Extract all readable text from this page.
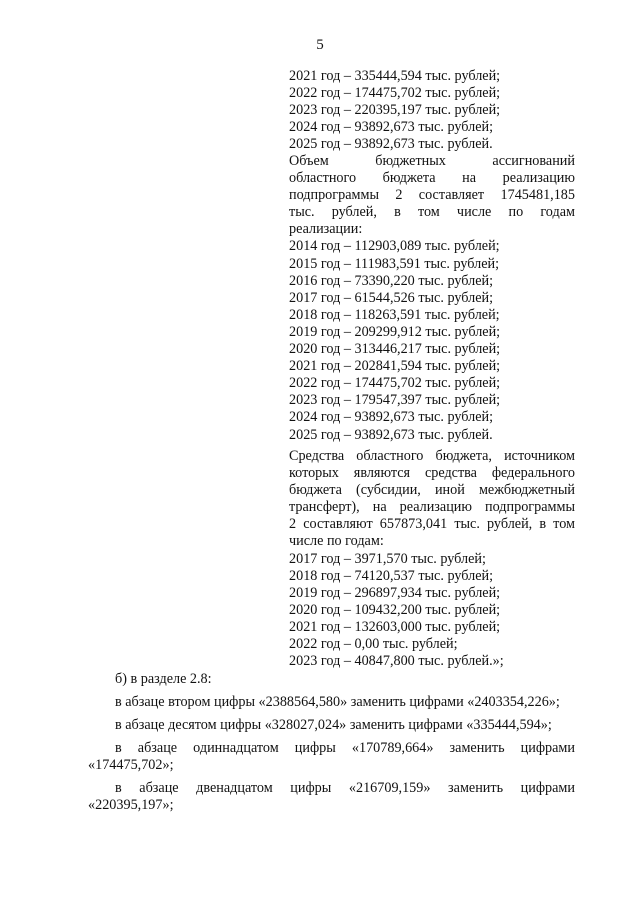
5
2021 год – 335444,594 тыс. рублей;
2022 год – 174475,702 тыс. рублей;
2023 год – 220395,197 тыс. рублей;
2024 год – 93892,673 тыс. рублей;
2025 год – 93892,673 тыс. рублей.
Объем бюджетных ассигнований
областного бюджета на реализацию
подпрограммы 2 составляет 1745481,185
тыс. рублей, в том числе по годам
реализации:
2014 год – 112903,089 тыс. рублей;
2015 год – 111983,591 тыс. рублей;
2016 год – 73390,220 тыс. рублей;
2017 год – 61544,526 тыс. рублей;
2018 год – 118263,591 тыс. рублей;
2019 год – 209299,912 тыс. рублей;
2020 год – 313446,217 тыс. рублей;
2021 год – 202841,594 тыс. рублей;
2022 год – 174475,702 тыс. рублей;
2023 год – 179547,397 тыс. рублей;
2024 год – 93892,673 тыс. рублей;
2025 год – 93892,673 тыс. рублей.
Средства областного бюджета, источником
которых являются средства федерального
бюджета (субсидии, иной межбюджетный
трансферт), на реализацию подпрограммы
2 составляют 657873,041 тыс. рублей, в том
числе по годам:
2017 год – 3971,570 тыс. рублей;
2018 год – 74120,537 тыс. рублей;
2019 год – 296897,934 тыс. рублей;
2020 год – 109432,200 тыс. рублей;
2021 год – 132603,000 тыс. рублей;
2022 год – 0,00 тыс. рублей;
2023 год – 40847,800 тыс. рублей.»;
б) в разделе 2.8:
в абзаце втором цифры «2388564,580» заменить цифрами «2403354,226»;
в абзаце десятом цифры «328027,024» заменить цифрами «335444,594»;
в абзаце одиннадцатом цифры «170789,664» заменить цифрами «174475,702»;
в абзаце двенадцатом цифры «216709,159» заменить цифрами «220395,197»;
